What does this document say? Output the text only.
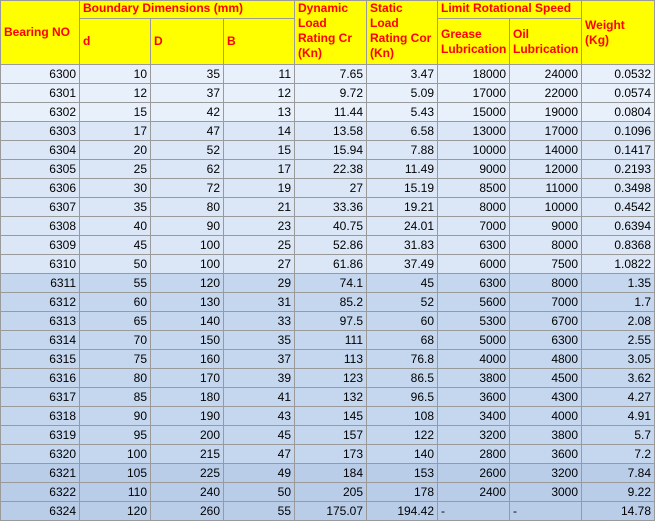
Bearing NO	Boundary Dimensions (mm)			Dynamic Load Rating Cr (Kn)	Static Load Rating Cor (Kn)	Limit Rotational Speed		Weight (Kg)
	d	D	B			Grease Lubrication	Oil Lubrication	
6300	10	35	11	7.65	3.47	18000	24000	0.0532
6301	12	37	12	9.72	5.09	17000	22000	0.0574
6302	15	42	13	11.44	5.43	15000	19000	0.0804
6303	17	47	14	13.58	6.58	13000	17000	0.1096
6304	20	52	15	15.94	7.88	10000	14000	0.1417
6305	25	62	17	22.38	11.49	9000	12000	0.2193
6306	30	72	19	27	15.19	8500	11000	0.3498
6307	35	80	21	33.36	19.21	8000	10000	0.4542
6308	40	90	23	40.75	24.01	7000	9000	0.6394
6309	45	100	25	52.86	31.83	6300	8000	0.8368
6310	50	100	27	61.86	37.49	6000	7500	1.0822
6311	55	120	29	74.1	45	6300	8000	1.35
6312	60	130	31	85.2	52	5600	7000	1.7
6313	65	140	33	97.5	60	5300	6700	2.08
6314	70	150	35	111	68	5000	6300	2.55
6315	75	160	37	113	76.8	4000	4800	3.05
6316	80	170	39	123	86.5	3800	4500	3.62
6317	85	180	41	132	96.5	3600	4300	4.27
6318	90	190	43	145	108	3400	4000	4.91
6319	95	200	45	157	122	3200	3800	5.7
6320	100	215	47	173	140	2800	3600	7.2
6321	105	225	49	184	153	2600	3200	7.84
6322	110	240	50	205	178	2400	3000	9.22
6324	120	260	55	175.07	194.42	-	-	14.78
